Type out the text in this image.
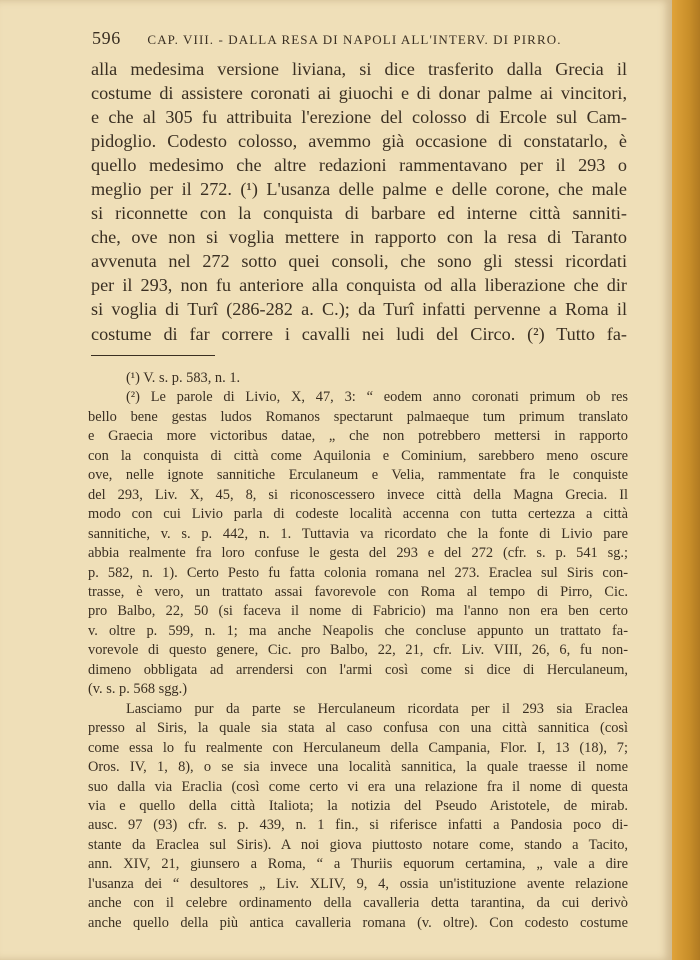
596 CAP. VIII. - DALLA RESA DI NAPOLI ALL'INTERV. DI PIRRO.

alla medesima versione liviana, si dice trasferito dalla Grecia il
costume di assistere coronati ai giuochi e di donar palme ai vincitori,
e che al 305 fu attribuita l'erezione del colosso di Ercole sul Cam-
pidoglio. Codesto colosso, avemmo già occasione di constatarlo, è
quello medesimo che altre redazioni rammentavano per il 293 o
meglio per il 272. (¹) L'usanza delle palme e delle corone, che male
si riconnette con la conquista di barbare ed interne città sanniti-
che, ove non si voglia mettere in rapporto con la resa di Taranto
avvenuta nel 272 sotto quei consoli, che sono gli stessi ricordati
per il 293, non fu anteriore alla conquista od alla liberazione che dir
si voglia di Turî (286-282 a. C.); da Turî infatti pervenne a Roma il
costume di far correre i cavalli nei ludi del Circo. (²) Tutto fa-

(¹) V. s. p. 583, n. 1.
(²) Le parole di Livio, X, 47, 3: “ eodem anno coronati primum ob res
bello bene gestas ludos Romanos spectarunt palmaeque tum primum translato
e Graecia more victoribus datae, „ che non potrebbero mettersi in rapporto
con la conquista di città come Aquilonia e Cominium, sarebbero meno oscure
ove, nelle ignote sannitiche Erculaneum e Velia, rammentate fra le conquiste
del 293, Liv. X, 45, 8, si riconoscessero invece città della Magna Grecia. Il
modo con cui Livio parla di codeste località accenna con tutta certezza a città
sannitiche, v. s. p. 442, n. 1. Tuttavia va ricordato che la fonte di Livio pare
abbia realmente fra loro confuse le gesta del 293 e del 272 (cfr. s. p. 541 sg.;
p. 582, n. 1). Certo Pesto fu fatta colonia romana nel 273. Eraclea sul Siris con-
trasse, è vero, un trattato assai favorevole con Roma al tempo di Pirro, Cic.
pro Balbo, 22, 50 (si faceva il nome di Fabricio) ma l'anno non era ben certo
v. oltre p. 599, n. 1; ma anche Neapolis che concluse appunto un trattato fa-
vorevole di questo genere, Cic. pro Balbo, 22, 21, cfr. Liv. VIII, 26, 6, fu non-
dimeno obbligata ad arrendersi con l'armi così come si dice di Herculaneum,
(v. s. p. 568 sgg.)
Lasciamo pur da parte se Herculaneum ricordata per il 293 sia Eraclea
presso al Siris, la quale sia stata al caso confusa con una città sannitica (così
come essa lo fu realmente con Herculaneum della Campania, Flor. I, 13 (18), 7;
Oros. IV, 1, 8), o se sia invece una località sannitica, la quale traesse il nome
suo dalla via Eraclia (così come certo vi era una relazione fra il nome di questa
via e quello della città Italiota; la notizia del Pseudo Aristotele, de mirab.
ausc. 97 (93) cfr. s. p. 439, n. 1 fin., si riferisce infatti a Pandosia poco di-
stante da Eraclea sul Siris). A noi giova piuttosto notare come, stando a Tacito,
ann. XIV, 21, giunsero a Roma, “ a Thuriis equorum certamina, „ vale a dire
l'usanza dei “ desultores „ Liv. XLIV, 9, 4, ossia un'istituzione avente relazione
anche con il celebre ordinamento della cavalleria detta tarantina, da cui derivò
anche quello della più antica cavalleria romana (v. oltre). Con codesto costume
